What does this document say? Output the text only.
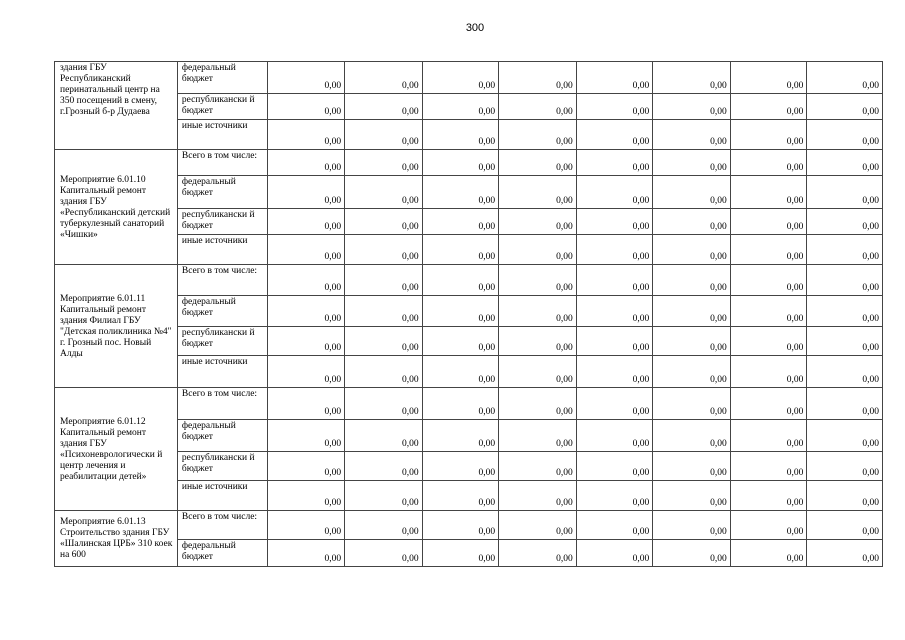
300
здания ГБУ Республиканский перинатальный центр на 350 посещений в смену, г.Грозный б-р Дудаева	федеральный бюджет	0,00	0,00	0,00	0,00	0,00	0,00	0,00	0,00
	республикански й бюджет	0,00	0,00	0,00	0,00	0,00	0,00	0,00	0,00
	иные источники	0,00	0,00	0,00	0,00	0,00	0,00	0,00	0,00
Мероприятие 6.01.10 Капитальный ремонт здания ГБУ «Республиканский детский туберкулезный санаторий «Чишки»	Всего в том числе:	0,00	0,00	0,00	0,00	0,00	0,00	0,00	0,00
	федеральный бюджет	0,00	0,00	0,00	0,00	0,00	0,00	0,00	0,00
	республикански й бюджет	0,00	0,00	0,00	0,00	0,00	0,00	0,00	0,00
	иные источники	0,00	0,00	0,00	0,00	0,00	0,00	0,00	0,00
Мероприятие 6.01.11 Капитальный ремонт здания Филиал ГБУ "Детская поликлиника №4" г. Грозный пос. Новый Алды	Всего в том числе:	0,00	0,00	0,00	0,00	0,00	0,00	0,00	0,00
	федеральный бюджет	0,00	0,00	0,00	0,00	0,00	0,00	0,00	0,00
	республикански й бюджет	0,00	0,00	0,00	0,00	0,00	0,00	0,00	0,00
	иные источники	0,00	0,00	0,00	0,00	0,00	0,00	0,00	0,00
Мероприятие 6.01.12 Капитальный ремонт здания ГБУ «Психоневрологически й центр лечения и реабилитации детей»	Всего в том числе:	0,00	0,00	0,00	0,00	0,00	0,00	0,00	0,00
	федеральный бюджет	0,00	0,00	0,00	0,00	0,00	0,00	0,00	0,00
	республикански й бюджет	0,00	0,00	0,00	0,00	0,00	0,00	0,00	0,00
	иные источники	0,00	0,00	0,00	0,00	0,00	0,00	0,00	0,00
Мероприятие 6.01.13 Строительство здания ГБУ «Шалинская ЦРБ» 310 коек на 600	Всего в том числе:	0,00	0,00	0,00	0,00	0,00	0,00	0,00	0,00
	федеральный бюджет	0,00	0,00	0,00	0,00	0,00	0,00	0,00	0,00
